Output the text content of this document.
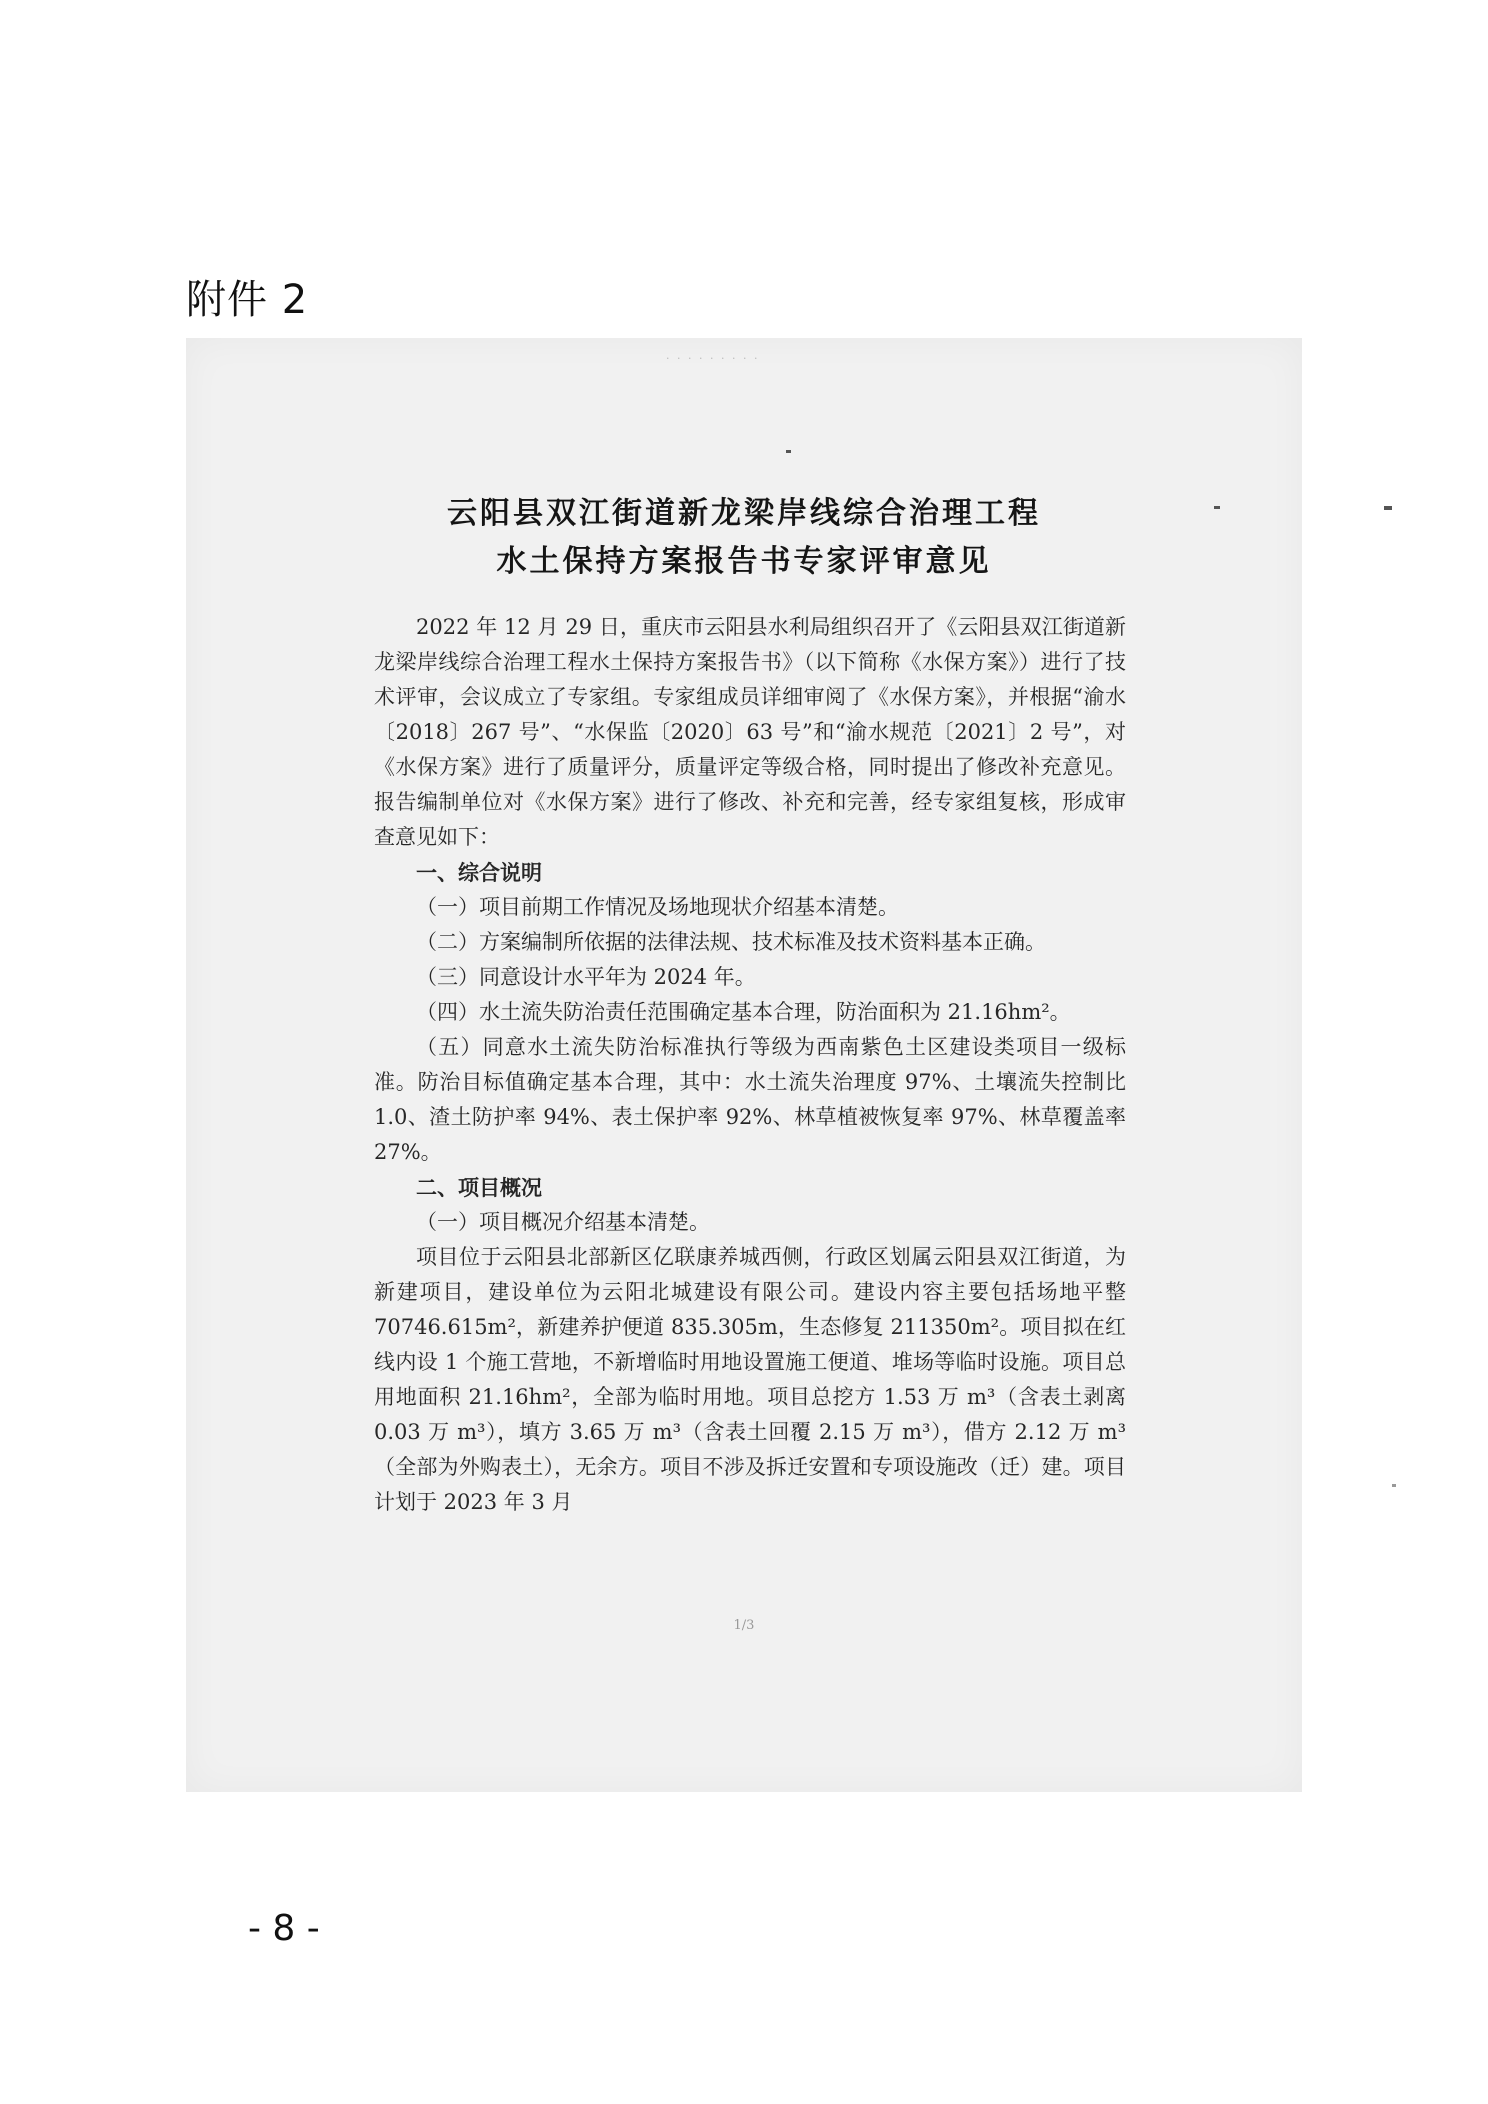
附件 2
· · · · · · · · ·
云阳县双江街道新龙梁岸线综合治理工程
水土保持方案报告书专家评审意见

2022 年 12 月 29 日，重庆市云阳县水利局组织召开了《云阳县双江街道新龙梁岸线综合治理工程水土保持方案报告书》（以下简称《水保方案》）进行了技术评审，会议成立了专家组。专家组成员详细审阅了《水保方案》，并根据“渝水〔2018〕267 号”、“水保监〔2020〕63 号”和“渝水规范〔2021〕2 号”，对《水保方案》进行了质量评分，质量评定等级合格，同时提出了修改补充意见。报告编制单位对《水保方案》进行了修改、补充和完善，经专家组复核，形成审查意见如下：

一、综合说明

（一）项目前期工作情况及场地现状介绍基本清楚。

（二）方案编制所依据的法律法规、技术标准及技术资料基本正确。

（三）同意设计水平年为 2024 年。

（四）水土流失防治责任范围确定基本合理，防治面积为 21.16hm²。

（五）同意水土流失防治标准执行等级为西南紫色土区建设类项目一级标准。防治目标值确定基本合理，其中：水土流失治理度 97%、土壤流失控制比 1.0、渣土防护率 94%、表土保护率 92%、林草植被恢复率 97%、林草覆盖率 27%。

二、项目概况

（一）项目概况介绍基本清楚。

项目位于云阳县北部新区亿联康养城西侧，行政区划属云阳县双江街道，为新建项目，建设单位为云阳北城建设有限公司。建设内容主要包括场地平整 70746.615m²，新建养护便道 835.305m，生态修复 211350m²。项目拟在红线内设 1 个施工营地，不新增临时用地设置施工便道、堆场等临时设施。项目总用地面积 21.16hm²，全部为临时用地。项目总挖方 1.53 万 m³（含表土剥离 0.03 万 m³），填方 3.65 万 m³（含表土回覆 2.15 万 m³），借方 2.12 万 m³（全部为外购表土），无余方。项目不涉及拆迁安置和专项设施改（迁）建。项目计划于 2023 年 3 月

1/3
- 8 -
